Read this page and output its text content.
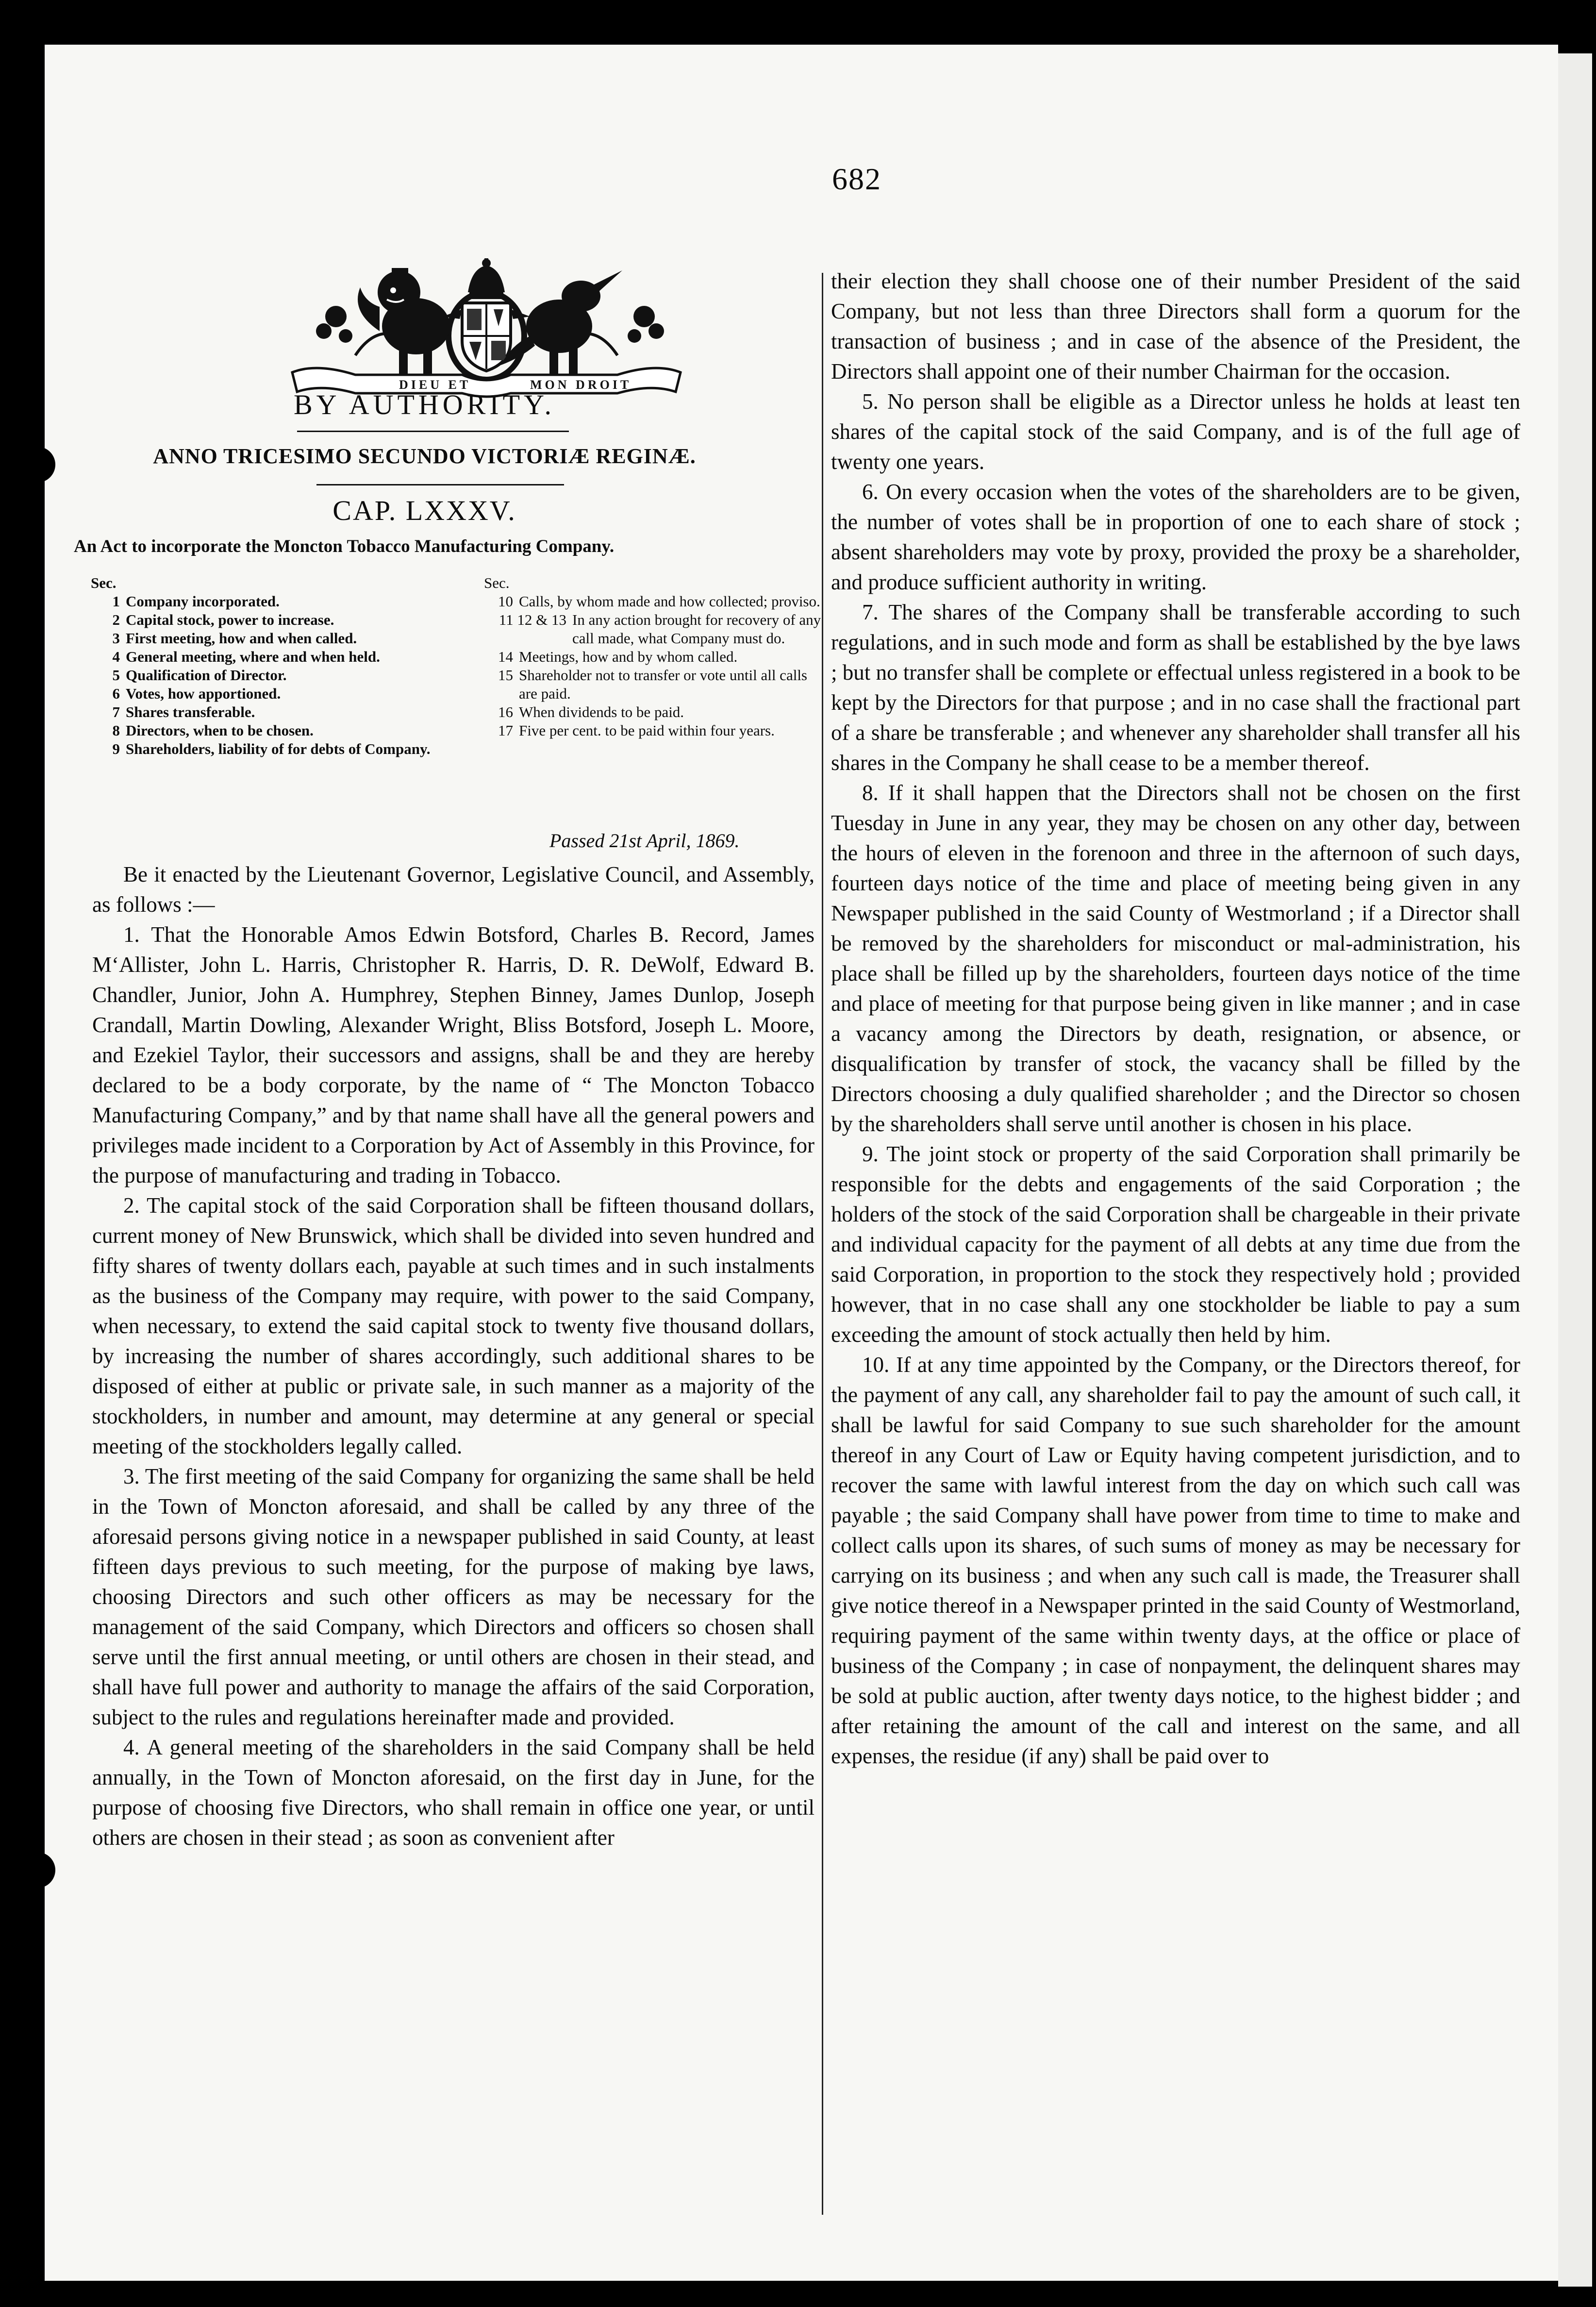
682
DIEU ET	MON DROIT
BY AUTHORITY.
ANNO TRICESIMO SECUNDO VICTORIÆ REGINÆ.
CAP. LXXXV.
An Act to incorporate the Moncton Tobacco Manufacturing Company.
Sec.
1 Company incorporated.
2 Capital stock, power to increase.
3 First meeting, how and when called.
4 General meeting, where and when held.
5 Qualification of Director.
6 Votes, how apportioned.
7 Shares transferable.
8 Directors, when to be chosen.
9 Shareholders, liability of for debts of Company.
Sec.
10 Calls, by whom made and how collected; proviso.
11 12 & 13 In any action brought for recovery of any call made, what Company must do.
14 Meetings, how and by whom called.
15 Shareholder not to transfer or vote until all calls are paid.
16 When dividends to be paid.
17 Five per cent. to be paid within four years.
Passed 21st April, 1869.

Be it enacted by the Lieutenant Governor, Legislative Council, and Assembly, as follows :—

1. That the Honorable Amos Edwin Botsford, Charles B. Record, James M‘Allister, John L. Harris, Christopher R. Harris, D. R. DeWolf, Edward B. Chandler, Junior, John A. Humphrey, Stephen Binney, James Dunlop, Joseph Crandall, Martin Dowling, Alexander Wright, Bliss Botsford, Joseph L. Moore, and Ezekiel Taylor, their successors and assigns, shall be and they are hereby declared to be a body corporate, by the name of “ The Moncton Tobacco Manufacturing Company,” and by that name shall have all the general powers and privileges made incident to a Corporation by Act of Assembly in this Province, for the purpose of manufacturing and trading in Tobacco.

2. The capital stock of the said Corporation shall be fifteen thousand dollars, current money of New Brunswick, which shall be divided into seven hundred and fifty shares of twenty dollars each, payable at such times and in such instalments as the business of the Company may require, with power to the said Company, when necessary, to extend the said capital stock to twenty five thousand dollars, by increasing the number of shares accordingly, such additional shares to be disposed of either at public or private sale, in such manner as a majority of the stockholders, in number and amount, may determine at any general or special meeting of the stockholders legally called.

3. The first meeting of the said Company for organizing the same shall be held in the Town of Moncton aforesaid, and shall be called by any three of the aforesaid persons giving notice in a newspaper published in said County, at least fifteen days previous to such meeting, for the purpose of making bye laws, choosing Directors and such other officers as may be necessary for the management of the said Company, which Directors and officers so chosen shall serve until the first annual meeting, or until others are chosen in their stead, and shall have full power and authority to manage the affairs of the said Corporation, subject to the rules and regulations hereinafter made and provided.

4. A general meeting of the shareholders in the said Company shall be held annually, in the Town of Moncton aforesaid, on the first day in June, for the purpose of choosing five Directors, who shall remain in office one year, or until others are chosen in their stead ; as soon as convenient after

their election they shall choose one of their number President of the said Company, but not less than three Directors shall form a quorum for the transaction of business ; and in case of the absence of the President, the Directors shall appoint one of their number Chairman for the occasion.

5. No person shall be eligible as a Director unless he holds at least ten shares of the capital stock of the said Company, and is of the full age of twenty one years.

6. On every occasion when the votes of the shareholders are to be given, the number of votes shall be in proportion of one to each share of stock ; absent shareholders may vote by proxy, provided the proxy be a shareholder, and produce sufficient authority in writing.

7. The shares of the Company shall be transferable according to such regulations, and in such mode and form as shall be established by the bye laws ; but no transfer shall be complete or effectual unless registered in a book to be kept by the Directors for that purpose ; and in no case shall the fractional part of a share be transferable ; and whenever any shareholder shall transfer all his shares in the Company he shall cease to be a member thereof.

8. If it shall happen that the Directors shall not be chosen on the first Tuesday in June in any year, they may be chosen on any other day, between the hours of eleven in the forenoon and three in the afternoon of such days, fourteen days notice of the time and place of meeting being given in any Newspaper published in the said County of Westmorland ; if a Director shall be removed by the shareholders for misconduct or mal-administration, his place shall be filled up by the shareholders, fourteen days notice of the time and place of meeting for that purpose being given in like manner ; and in case a vacancy among the Directors by death, resignation, or absence, or disqualification by transfer of stock, the vacancy shall be filled by the Directors choosing a duly qualified shareholder ; and the Director so chosen by the shareholders shall serve until another is chosen in his place.

9. The joint stock or property of the said Corporation shall primarily be responsible for the debts and engagements of the said Corporation ; the holders of the stock of the said Corporation shall be chargeable in their private and individual capacity for the payment of all debts at any time due from the said Corporation, in proportion to the stock they respectively hold ; provided however, that in no case shall any one stockholder be liable to pay a sum exceeding the amount of stock actually then held by him.

10. If at any time appointed by the Company, or the Directors thereof, for the payment of any call, any shareholder fail to pay the amount of such call, it shall be lawful for said Company to sue such shareholder for the amount thereof in any Court of Law or Equity having competent jurisdiction, and to recover the same with lawful interest from the day on which such call was payable ; the said Company shall have power from time to time to make and collect calls upon its shares, of such sums of money as may be necessary for carrying on its business ; and when any such call is made, the Treasurer shall give notice thereof in a Newspaper printed in the said County of Westmorland, requiring payment of the same within twenty days, at the office or place of business of the Company ; in case of nonpayment, the delinquent shares may be sold at public auction, after twenty days notice, to the highest bidder ; and after retaining the amount of the call and interest on the same, and all expenses, the residue (if any) shall be paid over to
